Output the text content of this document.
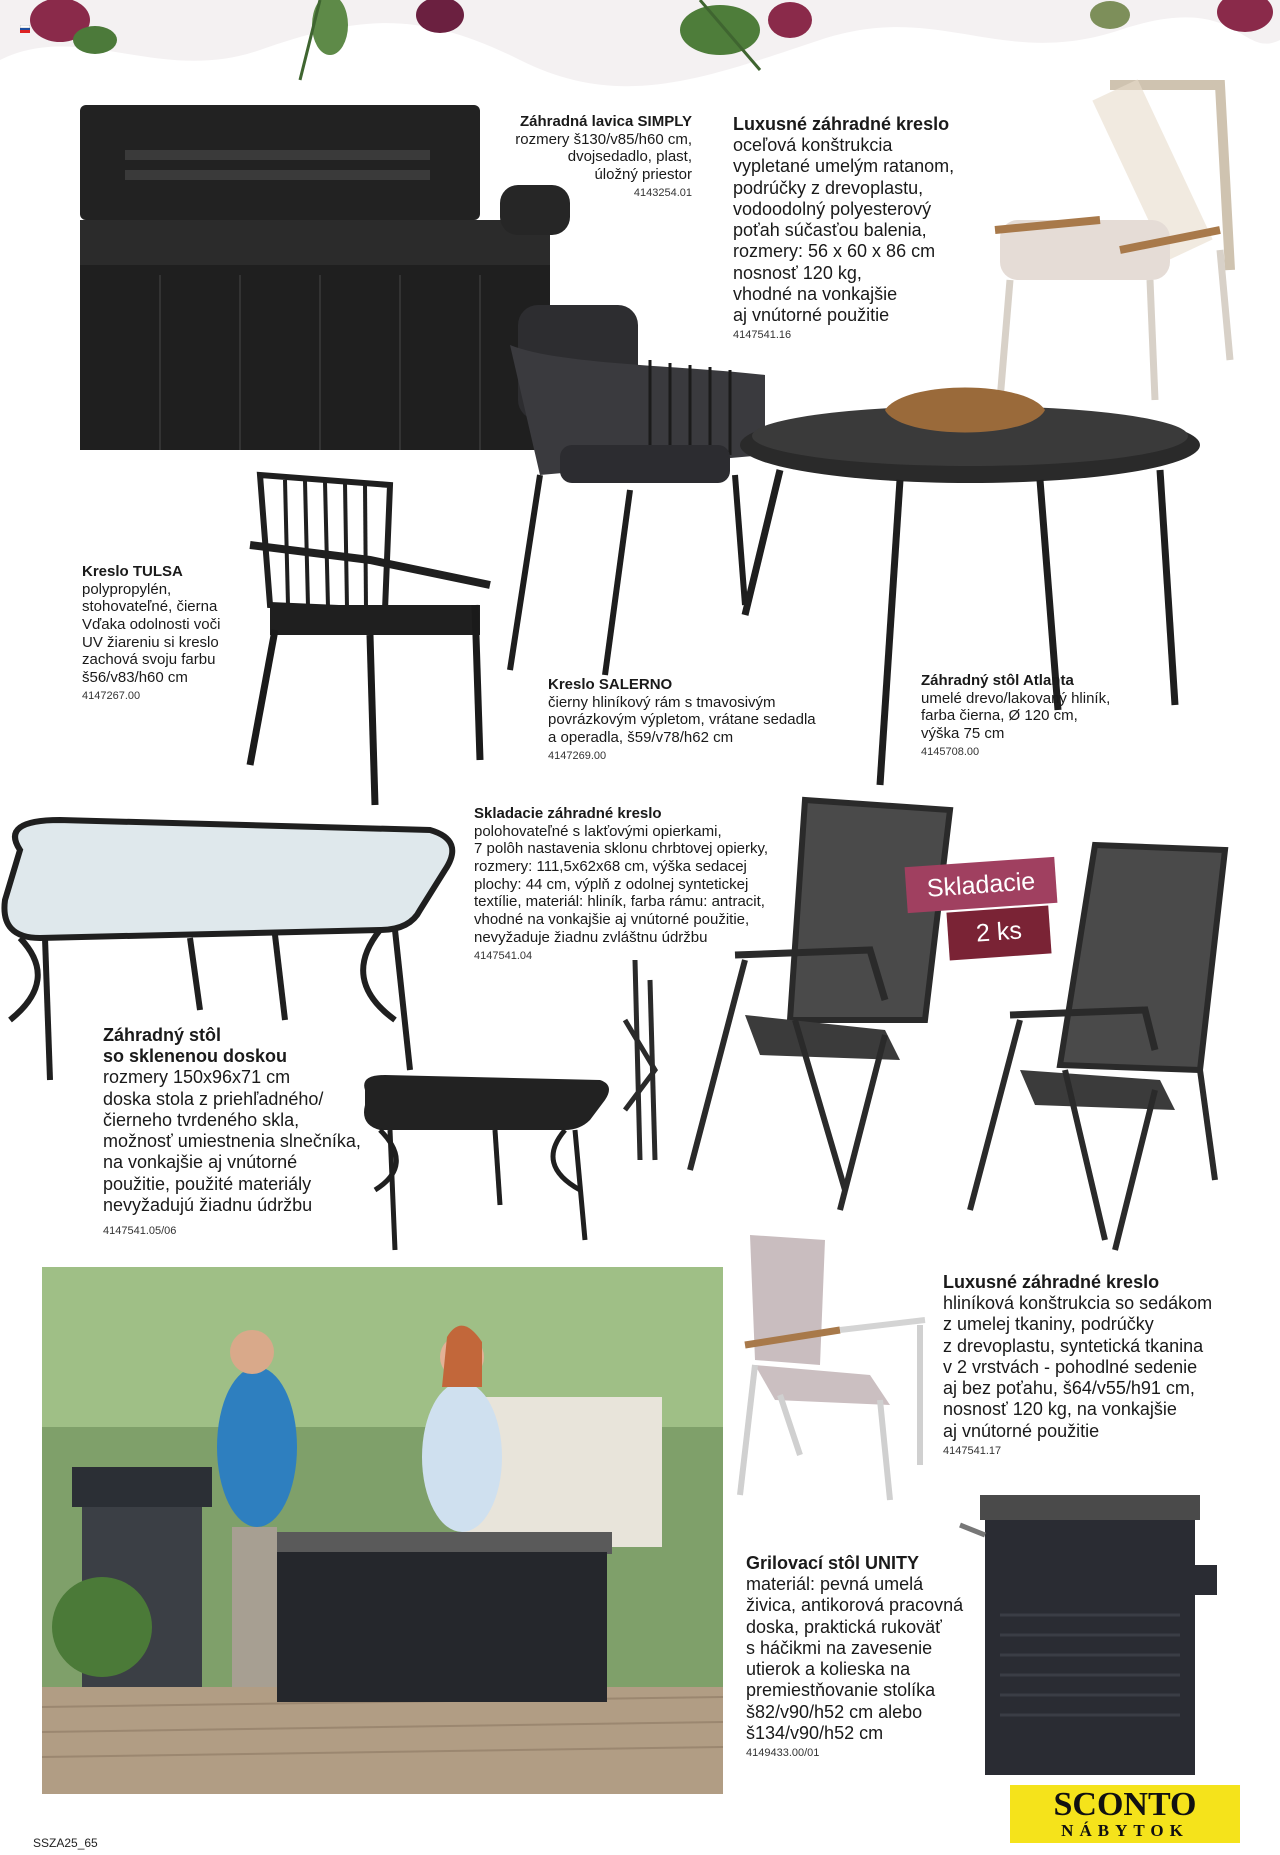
Skladacie
2 ks
Záhradná lavica SIMPLY
rozmery š130/v85/h60 cm,
dvojsedadlo, plast,
úložný priestor
4143254.01
Luxusné záhradné kreslo
oceľová konštrukcia
vypletané umelým ratanom,
podrúčky z drevoplastu,
vodoodolný polyesterový
poťah súčasťou balenia,
rozmery: 56 x 60 x 86 cm
nosnosť 120 kg,
vhodné na vonkajšie
aj vnútorné použitie
4147541.16
Kreslo TULSA
polypropylén,
stohovateľné, čierna
Vďaka odolnosti voči
UV žiareniu si kreslo
zachová svoju farbu
š56/v83/h60 cm
4147267.00
Kreslo SALERNO
čierny hliníkový rám s tmavosivým
povrázkovým výpletom, vrátane sedadla
a operadla, š59/v78/h62 cm
4147269.00
Záhradný stôl Atlanta
umelé drevo/lakovaný hliník,
farba čierna, Ø 120 cm,
výška 75 cm
4145708.00
Skladacie záhradné kreslo
polohovateľné s lakťovými opierkami,
7 polôh nastavenia sklonu chrbtovej opierky,
rozmery: 111,5x62x68 cm, výška sedacej
plochy: 44 cm, výplň z odolnej syntetickej
textílie, materiál: hliník, farba rámu: antracit,
vhodné na vonkajšie aj vnútorné použitie,
nevyžaduje žiadnu zvláštnu údržbu
4147541.04
Záhradný stôl
so sklenenou doskou
rozmery 150x96x71 cm
doska stola z priehľadného/
čierneho tvrdeného skla,
možnosť umiestnenia slnečníka,
na vonkajšie aj vnútorné
použitie, použité materiály
nevyžadujú žiadnu údržbu
4147541.05/06
Luxusné záhradné kreslo
hliníková konštrukcia so sedákom
z umelej tkaniny, podrúčky
z drevoplastu, syntetická tkanina
v 2 vrstvách - pohodlné sedenie
aj bez poťahu, š64/v55/h91 cm,
nosnosť 120 kg, na vonkajšie
aj vnútorné použitie
4147541.17
Grilovací stôl UNITY
materiál: pevná umelá
živica, antikorová pracovná
doska, praktická rukoväť
s háčikmi na zavesenie
utierok a kolieska na
premiestňovanie stolíka
š82/v90/h52 cm alebo
š134/v90/h52 cm
4149433.00/01
SCONTO
NÁBYTOK
SSZA25_65
